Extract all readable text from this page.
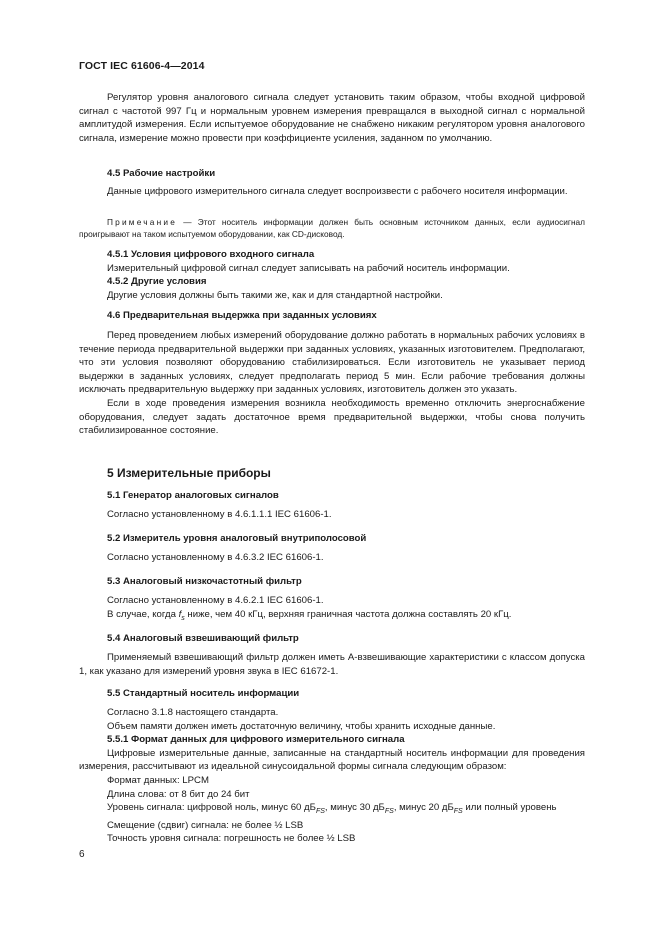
ГОСТ IEC 61606-4—2014

Регулятор уровня аналогового сигнала следует установить таким образом, чтобы входной цифровой сигнал с частотой 997 Гц и нормальным уровнем измерения превращался в выходной сигнал с нормальной амплитудой измерения. Если испытуемое оборудование не снабжено никаким регулятором уровня аналогового сигнала, измерение можно провести при коэффициенте усиления, заданном по умолчанию.

4.5 Рабочие настройки

Данные цифрового измерительного сигнала следует воспроизвести с рабочего носителя информации.

Примечание — Этот носитель информации должен быть основным источником данных, если аудиосигнал проигрывают на таком испытуемом оборудовании, как CD-дисковод.

4.5.1 Условия цифрового входного сигнала

Измерительный цифровой сигнал следует записывать на рабочий носитель информации.

4.5.2 Другие условия

Другие условия должны быть такими же, как и для стандартной настройки.

4.6 Предварительная выдержка при заданных условиях

Перед проведением любых измерений оборудование должно работать в нормальных рабочих условиях в течение периода предварительной выдержки при заданных условиях, указанных изготовителем. Предполагают, что эти условия позволяют оборудованию стабилизироваться. Если изготовитель не указывает период выдержки в заданных условиях, следует предполагать период 5 мин. Если рабочие требования должны исключать предварительную выдержку при заданных условиях, изготовитель должен это указать.

Если в ходе проведения измерения возникла необходимость временно отключить энергоснабжение оборудования, следует задать достаточное время предварительной выдержки, чтобы снова получить стабилизированное состояние.

5 Измерительные приборы
5.1 Генератор аналоговых сигналов

Согласно установленному в 4.6.1.1.1 IEC 61606-1.

5.2 Измеритель уровня аналоговый внутриполосовой

Согласно установленному в 4.6.3.2 IEC 61606-1.

5.3 Аналоговый низкочастотный фильтр

Согласно установленному в 4.6.2.1 IEC 61606-1.

В случае, когда $f_s$ ниже, чем 40 кГц, верхняя граничная частота должна составлять 20 кГц.

5.4 Аналоговый взвешивающий фильтр

Применяемый взвешивающий фильтр должен иметь А-взвешивающие характеристики с классом допуска 1, как указано для измерений уровня звука в IEC 61672-1.

5.5 Стандартный носитель информации

Согласно 3.1.8 настоящего стандарта.

Объем памяти должен иметь достаточную величину, чтобы хранить исходные данные.

5.5.1 Формат данных для цифрового измерительного сигнала

Цифровые измерительные данные, записанные на стандартный носитель информации для проведения измерения, рассчитывают из идеальной синусоидальной формы сигнала следующим образом:

Формат данных: LPCM

Длина слова: от 8 бит до 24 бит

Уровень сигнала: цифровой ноль, минус 60 $дБ_{FS}$, минус 30 $дБ_{FS}$, минус 20 $дБ_{FS}$ или полный уровень

Смещение (сдвиг) сигнала: не более ½ LSB

Точность уровня сигнала: погрешность не более ½ LSB

6
